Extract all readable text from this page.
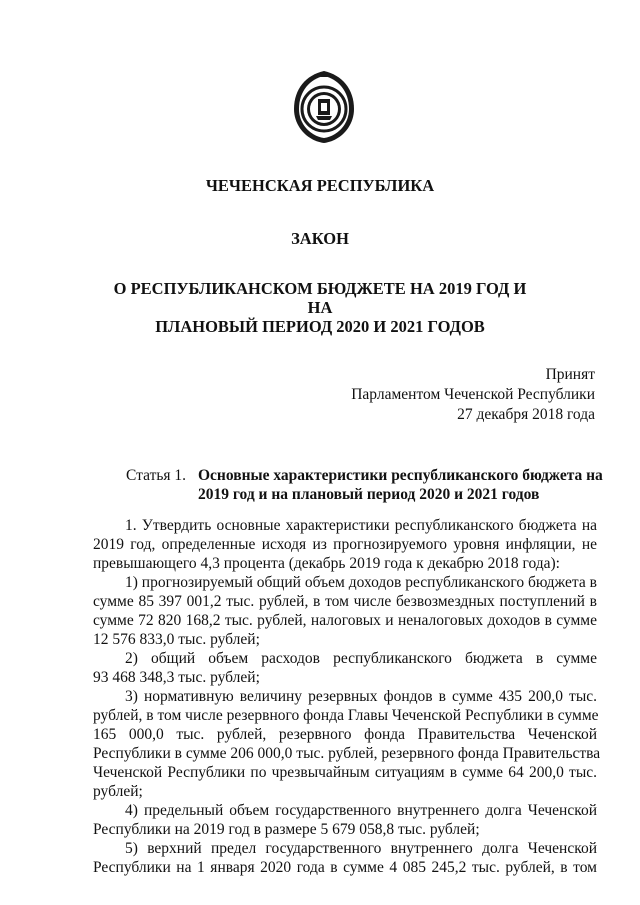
ЧЕЧЕНСКАЯ РЕСПУБЛИКА
ЗАКОН
О РЕСПУБЛИКАНСКОМ БЮДЖЕТЕ НА 2019 ГОД И НА
ПЛАНОВЫЙ ПЕРИОД 2020 И 2021 ГОДОВ
Принят
Парламентом Чеченской Республики
27 декабря 2018 года
Статья 1. Основные характеристики республиканского бюджета на
2019 год и на плановый период 2020 и 2021 годов
1. Утвердить основные характеристики республиканского бюджета на
2019 год, определенные исходя из прогнозируемого уровня инфляции, не
превышающего 4,3 процента (декабрь 2019 года к декабрю 2018 года):
1) прогнозируемый общий объем доходов республиканского бюджета в
сумме 85 397 001,2 тыс. рублей, в том числе безвозмездных поступлений в
сумме 72 820 168,2 тыс. рублей, налоговых и неналоговых доходов в сумме
12 576 833,0 тыс. рублей;
2) общий объем расходов республиканского бюджета в сумме
93 468 348,3 тыс. рублей;
3) нормативную величину резервных фондов в сумме 435 200,0 тыс.
рублей, в том числе резервного фонда Главы Чеченской Республики в сумме
165 000,0 тыс. рублей, резервного фонда Правительства Чеченской
Республики в сумме 206 000,0 тыс. рублей, резервного фонда Правительства
Чеченской Республики по чрезвычайным ситуациям в сумме 64 200,0 тыс.
рублей;
4) предельный объем государственного внутреннего долга Чеченской
Республики на 2019 год в размере 5 679 058,8 тыс. рублей;
5) верхний предел государственного внутреннего долга Чеченской
Республики на 1 января 2020 года в сумме 4 085 245,2 тыс. рублей, в том
